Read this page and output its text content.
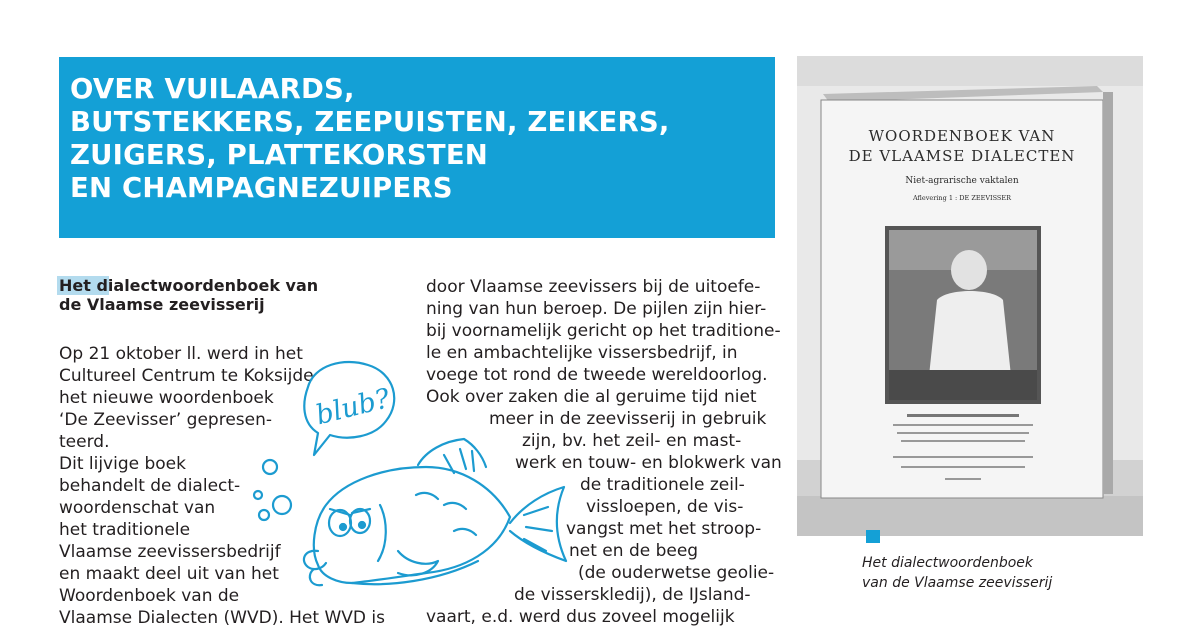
OVER VUILAARDS,
BUTSTEKKERS, ZEEPUISTEN, ZEIKERS,
ZUIGERS, PLATTEKORSTEN
EN CHAMPAGNEZUIPERS
Het dialectwoordenboek van
de Vlaamse zeevisserij
Op 21 oktober ll. werd in het
Cultureel Centrum te Koksijde
het nieuwe woordenboek
‘De Zeevisser’ gepresen-
teerd.
Dit lijvige boek
behandelt de dialect-
woordenschat van
het traditionele
Vlaamse zeevissersbedrijf
en maakt deel uit van het
Woordenboek van de
Vlaamse Dialecten (WVD). Het WVD is
door Vlaamse zeevissers bij de uitoefe-
ning van hun beroep. De pijlen zijn hier-
bij voornamelijk gericht op het traditione-
le en ambachtelijke vissersbedrijf, in
voege tot rond de tweede wereldoorlog.
Ook over zaken die al geruime tijd niet
meer in de zeevisserij in gebruik
zijn, bv. het zeil- en mast-
werk en touw- en blokwerk van
de traditionele zeil-
vissloepen, de vis-
vangst met het stroop-
net en de beeg
(de ouderwetse geolie-
de visserskledij), de IJsland-
vaart, e.d. werd dus zoveel mogelijk
blub?
WOORDENBOEK VAN
DE VLAAMSE DIALECTEN
Niet-agrarische vaktalen
Aflevering 1 : DE ZEEVISSER
Het dialectwoordenboek
van de Vlaamse zeevisserij
